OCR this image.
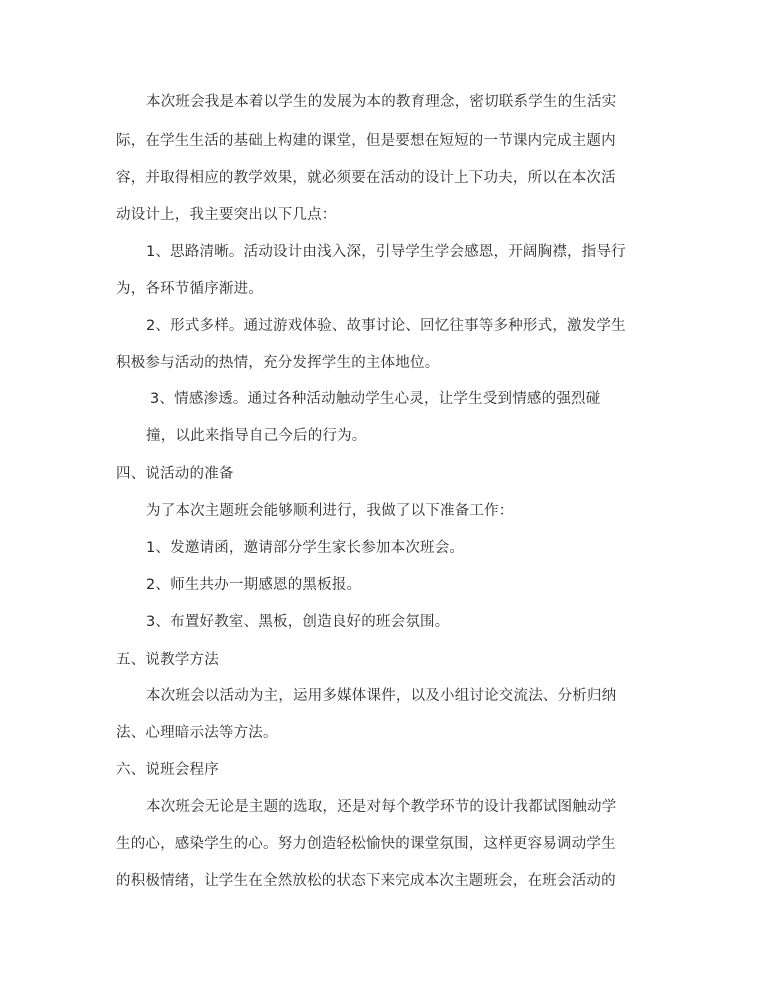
本次班会我是本着以学生的发展为本的教育理念，密切联系学生的生活实
际，在学生生活的基础上构建的课堂，但是要想在短短的一节课内完成主题内
容，并取得相应的教学效果，就必须要在活动的设计上下功夫，所以在本次活
动设计上，我主要突出以下几点：
1、思路清晰。活动设计由浅入深，引导学生学会感恩，开阔胸襟，指导行
为，各环节循序渐进。
2、形式多样。通过游戏体验、故事讨论、回忆往事等多种形式，激发学生
积极参与活动的热情，充分发挥学生的主体地位。
3、情感渗透。通过各种活动触动学生心灵，让学生受到情感的强烈碰
撞，以此来指导自己今后的行为。
四、说活动的准备
为了本次主题班会能够顺利进行，我做了以下准备工作：
1、发邀请函，邀请部分学生家长参加本次班会。
2、师生共办一期感恩的黑板报。
3、布置好教室、黑板，创造良好的班会氛围。
五、说教学方法
本次班会以活动为主，运用多媒体课件，以及小组讨论交流法、分析归纳
法、心理暗示法等方法。
六、说班会程序
本次班会无论是主题的选取，还是对每个教学环节的设计我都试图触动学
生的心，感染学生的心。努力创造轻松愉快的课堂氛围，这样更容易调动学生
的积极情绪，让学生在全然放松的状态下来完成本次主题班会，在班会活动的
